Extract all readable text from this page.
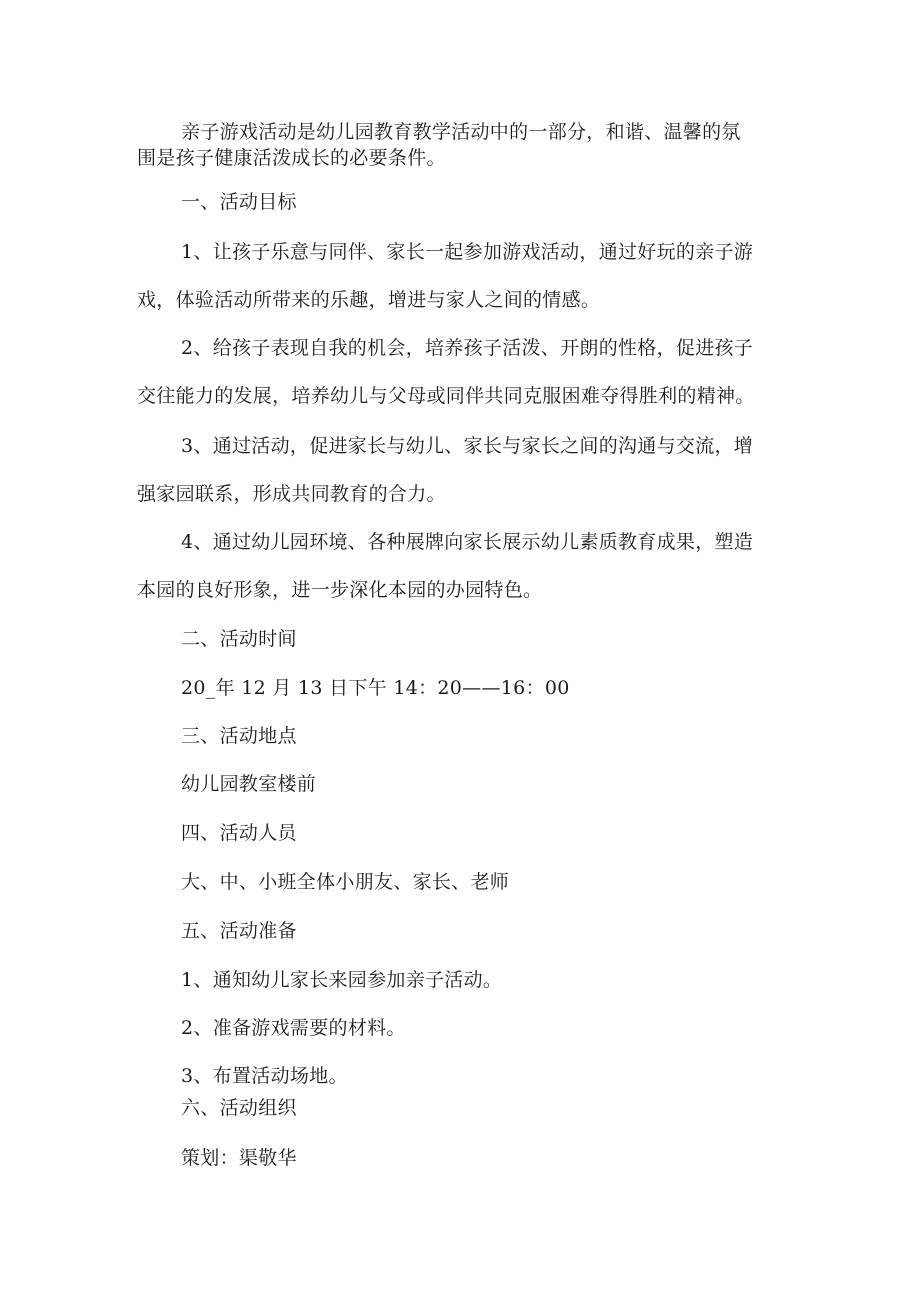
亲子游戏活动是幼儿园教育教学活动中的一部分，和谐、温馨的氛
围是孩子健康活泼成长的必要条件。
一、活动目标
1、让孩子乐意与同伴、家长一起参加游戏活动，通过好玩的亲子游
戏，体验活动所带来的乐趣，增进与家人之间的情感。
2、给孩子表现自我的机会，培养孩子活泼、开朗的性格，促进孩子
交往能力的发展，培养幼儿与父母或同伴共同克服困难夺得胜利的精神。
3、通过活动，促进家长与幼儿、家长与家长之间的沟通与交流，增
强家园联系，形成共同教育的合力。
4、通过幼儿园环境、各种展牌向家长展示幼儿素质教育成果，塑造
本园的良好形象，进一步深化本园的办园特色。
二、活动时间
20_年 12 月 13 日下午 14：20——16：00
三、活动地点
幼儿园教室楼前
四、活动人员
大、中、小班全体小朋友、家长、老师
五、活动准备
1、通知幼儿家长来园参加亲子活动。
2、准备游戏需要的材料。
3、布置活动场地。
六、活动组织
策划：渠敬华
